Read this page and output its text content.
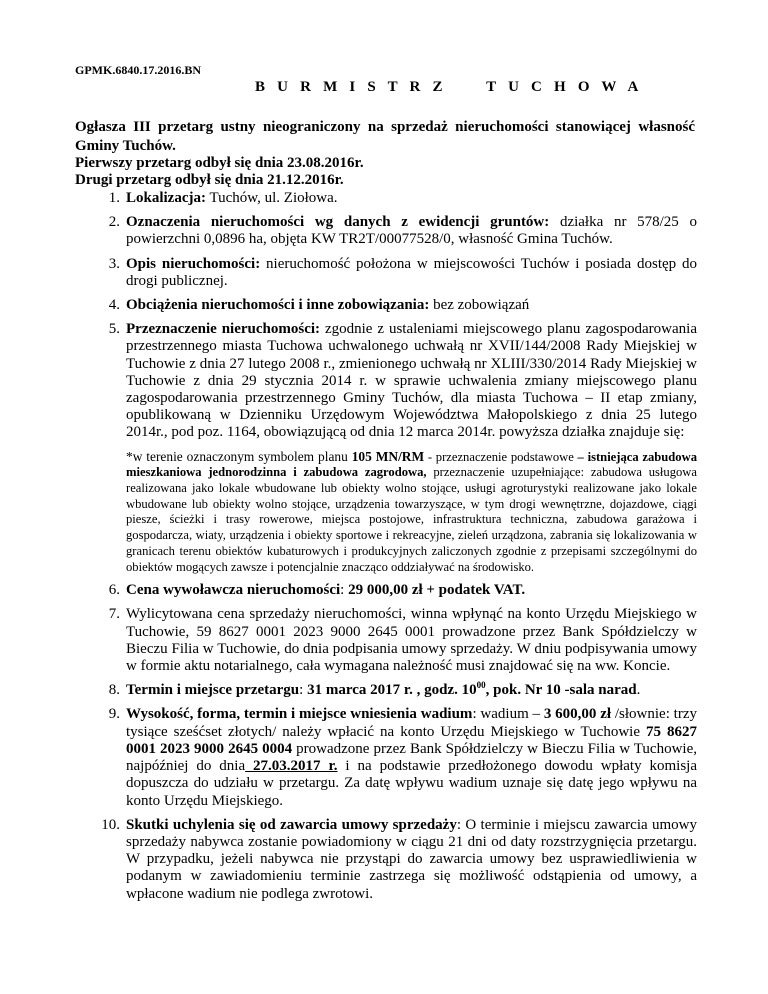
GPMK.6840.17.2016.BN
B U R M I S T R Z     T U C H O W A
Ogłasza III przetarg ustny nieograniczony na sprzedaż nieruchomości stanowiącej własność Gminy Tuchów.
Pierwszy przetarg odbył się dnia 23.08.2016r.
Drugi przetarg odbył się dnia 21.12.2016r.
1. Lokalizacja: Tuchów, ul. Ziołowa.
2. Oznaczenia nieruchomości wg danych z ewidencji gruntów: działka nr 578/25 o powierzchni 0,0896 ha, objęta KW TR2T/00077528/0, własność Gmina Tuchów.
3. Opis nieruchomości: nieruchomość położona w miejscowości Tuchów i posiada dostęp do drogi publicznej.
4. Obciążenia nieruchomości i inne zobowiązania: bez zobowiązań
5. Przeznaczenie nieruchomości: zgodnie z ustaleniami miejscowego planu zagospodarowania przestrzennego miasta Tuchowa uchwalonego uchwałą nr XVII/144/2008 Rady Miejskiej w Tuchowie z dnia 27 lutego 2008 r., zmienionego uchwałą nr XLIII/330/2014 Rady Miejskiej w Tuchowie z dnia 29 stycznia 2014 r. w sprawie uchwalenia zmiany miejscowego planu zagospodarowania przestrzennego Gminy Tuchów, dla miasta Tuchowa – II etap zmiany, opublikowaną w Dzienniku Urzędowym Województwa Małopolskiego z dnia 25 lutego 2014r., pod poz. 1164, obowiązującą od dnia 12 marca 2014r. powyższa działka znajduje się:
*w terenie oznaczonym symbolem planu 105 MN/RM - przeznaczenie podstawowe – istniejąca zabudowa mieszkaniowa jednorodzinna i zabudowa zagrodowa, przeznaczenie uzupełniające: zabudowa usługowa realizowana jako lokale wbudowane lub obiekty wolno stojące, usługi agroturystyki realizowane jako lokale wbudowane lub obiekty wolno stojące, urządzenia towarzyszące, w tym drogi wewnętrzne, dojazdowe, ciągi piesze, ścieżki i trasy rowerowe, miejsca postojowe, infrastruktura techniczna, zabudowa garażowa i gospodarcza, wiaty, urządzenia i obiekty sportowe i rekreacyjne, zieleń urządzona, zabrania się lokalizowania w granicach terenu obiektów kubaturowych i produkcyjnych zaliczonych zgodnie z przepisami szczególnymi do obiektów mogących zawsze i potencjalnie znacząco oddziaływać na środowisko.
6. Cena wywoławcza nieruchomości: 29 000,00 zł + podatek VAT.
7. Wylicytowana cena sprzedaży nieruchomości, winna wpłynąć na konto Urzędu Miejskiego w Tuchowie, 59 8627 0001 2023 9000 2645 0001 prowadzone przez Bank Spółdzielczy w Bieczu Filia w Tuchowie, do dnia podpisania umowy sprzedaży. W dniu podpisywania umowy w formie aktu notarialnego, cała wymagana należność musi znajdować się na ww. Koncie.
8. Termin i miejsce przetargu: 31 marca 2017 r. , godz. $10^{00}$, pok. Nr 10 -sala narad.
9. Wysokość, forma, termin i miejsce wniesienia wadium: wadium – 3 600,00 zł /słownie: trzy tysiące sześćset złotych/ należy wpłacić na konto Urzędu Miejskiego w Tuchowie 75 8627 0001 2023 9000 2645 0004 prowadzone przez Bank Spółdzielczy w Bieczu Filia w Tuchowie, najpóźniej do dnia 27.03.2017 r. i na podstawie przedłożonego dowodu wpłaty komisja dopuszcza do udziału w przetargu. Za datę wpływu wadium uznaje się datę jego wpływu na konto Urzędu Miejskiego.
10. Skutki uchylenia się od zawarcia umowy sprzedaży: O terminie i miejscu zawarcia umowy sprzedaży nabywca zostanie powiadomiony w ciągu 21 dni od daty rozstrzygnięcia przetargu. W przypadku, jeżeli nabywca nie przystąpi do zawarcia umowy bez usprawiedliwienia w podanym w zawiadomieniu terminie zastrzega się możliwość odstąpienia od umowy, a wpłacone wadium nie podlega zwrotowi.
